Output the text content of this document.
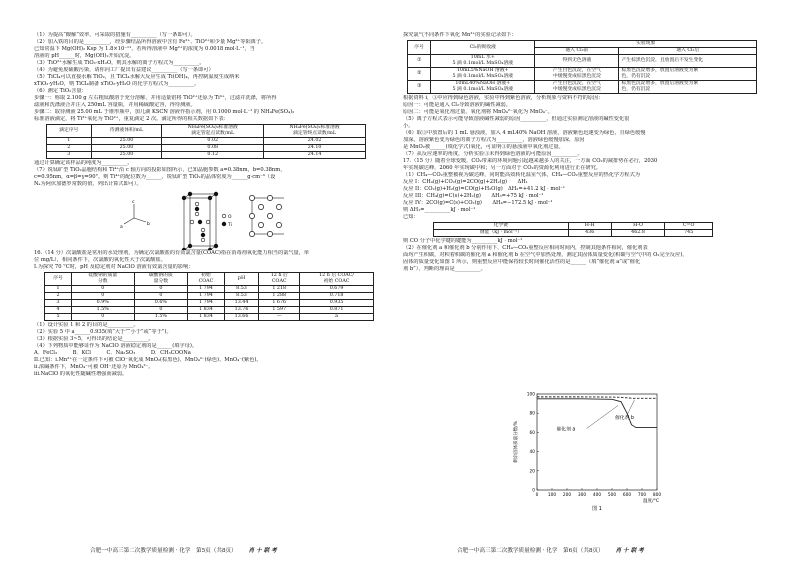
（1）为提高“酸解”效率，可采取的措施有__________（写一条即可）。
（2）加入铁的目的是__________，经步骤结晶所得溶液中含有 Fe²⁺、TiO²⁺和少量 Mg²⁺等阳离子。
已知常温下 Mg(OH)₂ Ksp 为 1.8×10⁻¹¹，若所得溶液中 Mg²⁺的浓度为 0.0018 mol·L⁻¹，当
溶液的 pH______时，Mg(OH)₂开始沉淀。
（3）TiO²⁺水解生成 TiO₂·xH₂O，则其水解的离子方程式为__________。
（4）为避免废硫酸污染，请你向工厂提出有益建议__________（写一条即可）
（5）TiCl₄可以直接水解 TiO₂，且 TiCl₄水解大反应生成 Ti(OH)₄，再控制温度生成纳米
xTiO₂·yH₂O，则 TiCl₄制备 xTiO₂·yH₂O 的化学方程式为__________。
（6）测定 TiO₂含量：
步骤一：称取 2.100 g 左右粗钛酸溶于充分溶解，并用适量铝将 TiO²⁺还原为 Ti³⁺，过滤并洗涤，将所得
滤液和洗涤液合并注入 250mL 容量瓶，并用稀硫酸定容，得待测液。
步骤二：取待测液 25.00 mL 于锥形瓶中，加几滴 KSCN 溶液作指示剂，用 0.1000 mol·L⁻¹ 的 NH₄Fe(SO₄)₂
标准溶液滴定，将 Ti³⁺氧化为 TiO²⁺，重复滴定 2 次。滴定所得的相关数据如下表：
滴定序号	待测液体积/mL	NH₄Fe(SO₄)₂标准溶液
滴定管起点读数/mL	NH₄Fe(SO₄)₂标准溶液
滴定管终点读数/mL
1	25.00	0.02	24.02
2	25.00	0.08	24.10
3	25.00	0.12	24.14
通过计算确定该样品的纯度为__________。
（7）锐钛矿型 TiO₂晶胞结构和 Ti⁴⁺沿 c 轴方向的投影如图所示，已知晶胞参数 a=0.38nm，b=0.38nm，
c=0.95nm，α=β=γ=90°，则 Ti⁴⁺的配位数为______，锐钛矿型 TiO₂的晶体密度为______g·cm⁻³（设
Nₐ为阿伏加德罗常数的值，列出计算式即可）。
c
a
b
O
Ti
16.（14 分）次氯酸盐是常用的水处理剂，为确定次氯酸盐的有效氯含量(COAC)指在消毒剂氧化能力相当的氯气量，单
位 mg/L），相同条件下，次氯酸的氧化性大于次氯酸盐。
I.为探究 70 °C时，pH 及稳定剂对 NaClO 溶液有效氯含量的影响：
序号	硅酸钠的质量
分数	碳酸钠的质
量分数	初始
COAC	pH	12 h 后
COAC	12 h 后 COAC/
初始 COAC
1	0	0	1 794	8.53	1 218	0.679
2	0	0	1 794	8.53	1 288	0.718
3	0.9%	0.6%	1 794	13.44	1 676	0.935
4	1.5%	0	1 834	13.76	1 597	0.871
5	0	1.5%	1 834	13.66	—	a
（1）设计实验 1 和 2 的目的是__________。
（2）实验 5 中 a______0.935(填“大于”“小于”或“等于”)。
（3）根据实验 3~5，可得出的结论是__________。
（4）下列物质中能够证作为 NaClO 溶液稳定剂的是______(填字母)。
A．FeCl₃　　　B．KCl　　　C．Na₂SO₃　　　D．CH₃COONa
II.已知：i.Mn²⁺在一定条件下可被 ClO⁻氧化成 MnO₂(棕黑色)、MnO₄²⁻(绿色)、MnO₄⁻(紫色)。
ii.浓碱条件下，MnO₄⁻可被 OH⁻还原为 MnO₄²⁻。
iii.NaClO 的氧化性随碱性增强而减弱。
合肥一中高三第二次教学质量检测 · 化学　第5页（共8页） 肖 十 联 考
探究氯气不同条件下氧化 Mn²⁺的实验记录如下：
序号	Cl₂的吸收液	实验现象	
		通入 Cl₂前	通入 Cl₂后
①	10mL 水+
5 滴 0.1mol/L MnSO₄溶液	得到无色溶液	产生棕黑色沉淀，且放置后不发生变化
②	10mL5%NaOH 溶液+
5 滴 0.1mol/L MnSO₄溶液	产生白色沉淀，在空气
中缓慢变成棕黑色沉淀	棕黑色沉淀增多，放置后溶液变为紫
色，仍有沉淀
③	10mL40%NaOH 溶液+
5 滴 0.1mol/L MnSO₄溶液	产生白色沉淀，在空气
中缓慢变成棕黑色沉淀	棕黑色沉淀增多，放置后溶液变为紫
色，仍有沉淀
根据资料 i，③中应得到绿色溶液，实验中得到紫色溶液，分析现象与资料不符的原因：
原因一：可能是通入 Cl₂导致溶液的碱性减弱。
原因二：可能是氧化剂过量，氧化剂将 MnO₄²⁻氧化为 MnO₄⁻。
（5）离子方程式表示可能导致溶液碱性减弱的原因__________，但通过实验测定溶液的碱性变化很
小。
（6）取③中放置后的 1 mL 悬浊液，加入 4 mL40% NaOH 溶液，溶液紫色迅速变为绿色，且绿色缓慢
加深。溶液紫色变为绿色的离子方程式为__________，溶液绿色缓慢加深，原因
是 MnO₂被______(填化学式)氧化，可证明③的悬浊液中氧化剂过量。
（7）从反应速率的角度，分析实验③未得到绿色溶液的可能原因__________。
17.（15 分）随着全球变暖，CO₂带来的环境问题引起越来越多人的关注，一方面 CO₂的减排势在必行，2030
年实现碳达峰，2060 年实现碳中和；另一方面对于 CO₂的资源化利用进行正在研究。
（1）CH₄—CO₂重整被视为碳达峰，同时能高效转化温室气体，CH₄—CO₂重整反应的热化学方程式为
反应 I：CH₄(g)+CO₂(g)=2CO(g)+2H₂(g)　　ΔH₁
反应 II：CO₂(g)+H₂(g)=CO(g)+H₂O(g)　ΔH₂=+41.2 kJ · mol⁻¹
反应 III：CH₄(g)=C(s)+2H₂(g)　　ΔH₃=+75 kJ · mol⁻¹
反应 IV：2CO(g)=C(s)+CO₂(g)　　ΔH₄=−172.5 kJ · mol⁻¹
则 ΔH₁=__________kJ · mol⁻¹
已知：
化学键	H-H	H-O	C=O
键能（kJ · mol⁻¹）	436	462.8	745
则 CO 分子中化学键的键能为__________kJ · mol⁻¹
（2）在催化剂 a 和催化剂 b 分别作用下，CH₄—CO₂重整反应相同时间内，控制其他条件相同，催化剂表
面均产生积碳，对积着积碳的催化剂 a 和催化剂 b 在空气中加热处理，测定其固体质量变化(积碳与空气中的 O₂完全反应)，
固体的质量变化如图 1 所示，则重整反应中能保持较长时间催化活性的是______（填“催化剂 a”或“催化
剂 b”），判断的理由是__________。
0 100 200 300 400 500 600 700 800
0
20
40
60
80
100
温度/°C
剩余固体质量分数/%	催化剂 a
催化剂 b
图 1
合肥一中高三第二次教学质量检测 · 化学　第6页（共8页） 肖 十 联 考
